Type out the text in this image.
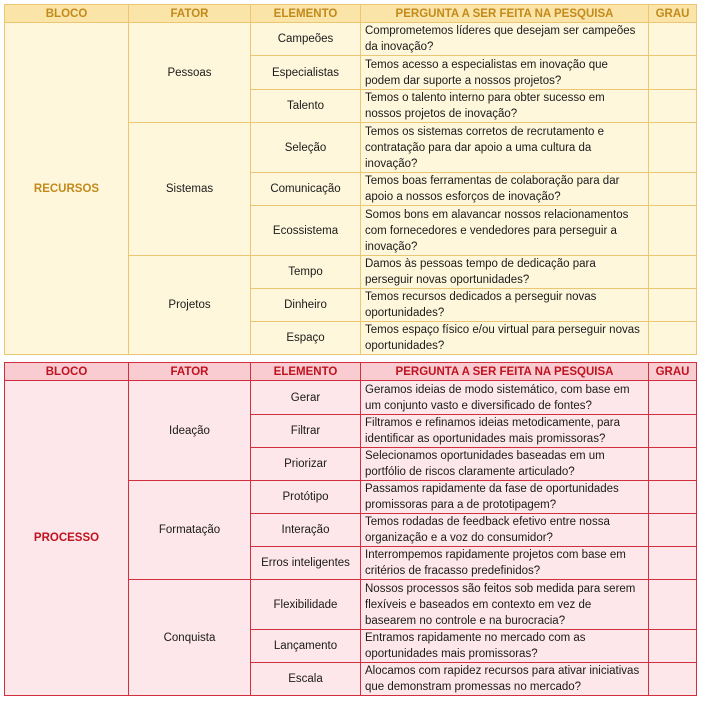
BLOCO	FATOR	ELEMENTO	PERGUNTA A SER FEITA NA PESQUISA	GRAU
RECURSOS	Pessoas	Campeões	Comprometemos líderes que desejam ser campeões da inovação?	
		Especialistas	Temos acesso a especialistas em inovação que podem dar suporte a nossos projetos?	
		Talento	Temos o talento interno para obter sucesso em nossos projetos de inovação?	
	Sistemas	Seleção	Temos os sistemas corretos de recrutamento e contratação para dar apoio a uma cultura da inovação?	
		Comunicação	Temos boas ferramentas de colaboração para dar apoio a nossos esforços de inovação?	
		Ecossistema	Somos bons em alavancar nossos relacionamentos com fornecedores e vendedores para perseguir a inovação?	
	Projetos	Tempo	Damos às pessoas tempo de dedicação para perseguir novas oportunidades?	
		Dinheiro	Temos recursos dedicados a perseguir novas oportunidades?	
		Espaço	Temos espaço físico e/ou virtual para perseguir novas oportunidades?	
BLOCO	FATOR	ELEMENTO	PERGUNTA A SER FEITA NA PESQUISA	GRAU
PROCESSO	Ideação	Gerar	Geramos ideias de modo sistemático, com base em um conjunto vasto e diversificado de fontes?	
		Filtrar	Filtramos e refinamos ideias metodicamente, para identificar as oportunidades mais promissoras?	
		Priorizar	Selecionamos oportunidades baseadas em um portfólio de riscos claramente articulado?	
	Formatação	Protótipo	Passamos rapidamente da fase de oportunidades promissoras para a de prototipagem?	
		Interação	Temos rodadas de feedback efetivo entre nossa organização e a voz do consumidor?	
		Erros inteligentes	Interrompemos rapidamente projetos com base em critérios de fracasso predefinidos?	
	Conquista	Flexibilidade	Nossos processos são feitos sob medida para serem flexíveis e baseados em contexto em vez de basearem no controle e na burocracia?	
		Lançamento	Entramos rapidamente no mercado com as oportunidades mais promissoras?	
		Escala	Alocamos com rapidez recursos para ativar iniciativas que demonstram promessas no mercado?	
